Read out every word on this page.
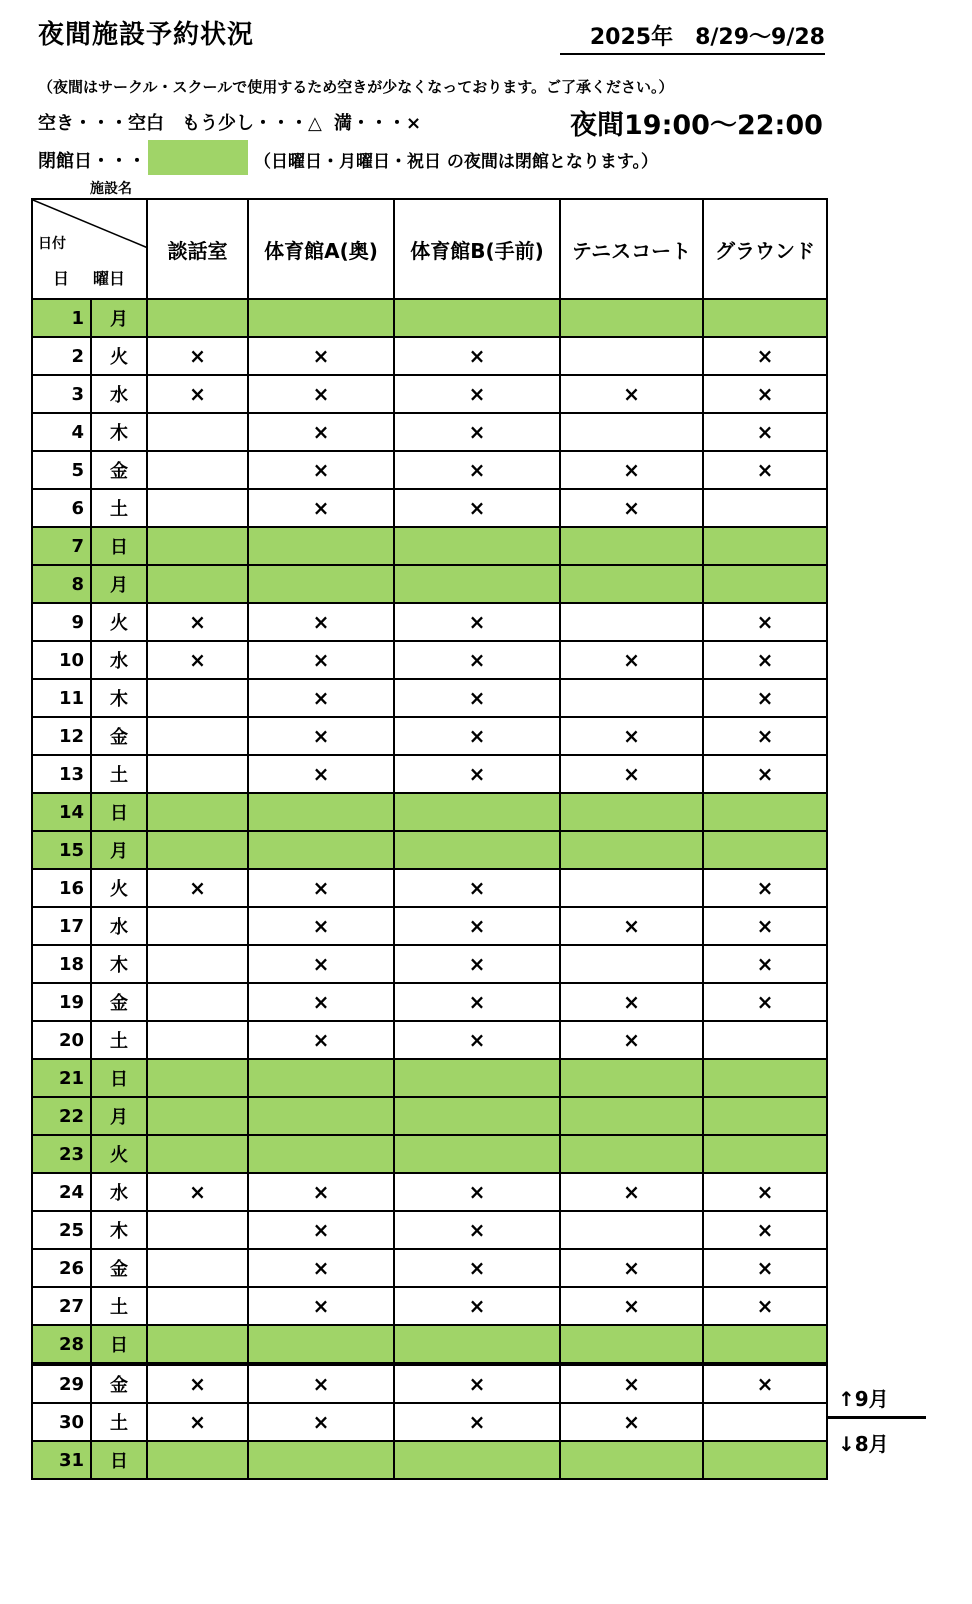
夜間施設予約状況	2025年　8/29～9/28
（夜間はサークル・スクールで使用するため空きが少なくなっております。ご了承ください。）
空き・・・空白 もう少し・・・△ 満・・・×	夜間19:00～22:00
閉館日・・・	（日曜日・月曜日・祝日 の夜間は閉館となります。）
施設名
日付
日 曜日		談話室	体育館A(奥)	体育館B(手前)	テニスコート	グラウンド
1	月					
2	火	×	×	×		×
3	水	×	×	×	×	×
4	木		×	×		×
5	金		×	×	×	×
6	土		×	×	×	
7	日					
8	月					
9	火	×	×	×		×
10	水	×	×	×	×	×
11	木		×	×		×
12	金		×	×	×	×
13	土		×	×	×	×
14	日					
15	月					
16	火	×	×	×		×
17	水		×	×	×	×
18	木		×	×		×
19	金		×	×	×	×
20	土		×	×	×	
21	日					
22	月					
23	火					
24	水	×	×	×	×	×
25	木		×	×		×
26	金		×	×	×	×
27	土		×	×	×	×
28	日					
29	金	×	×	×	×	×
30	土	×	×	×	×	
31	日					
↑9月
↓8月
